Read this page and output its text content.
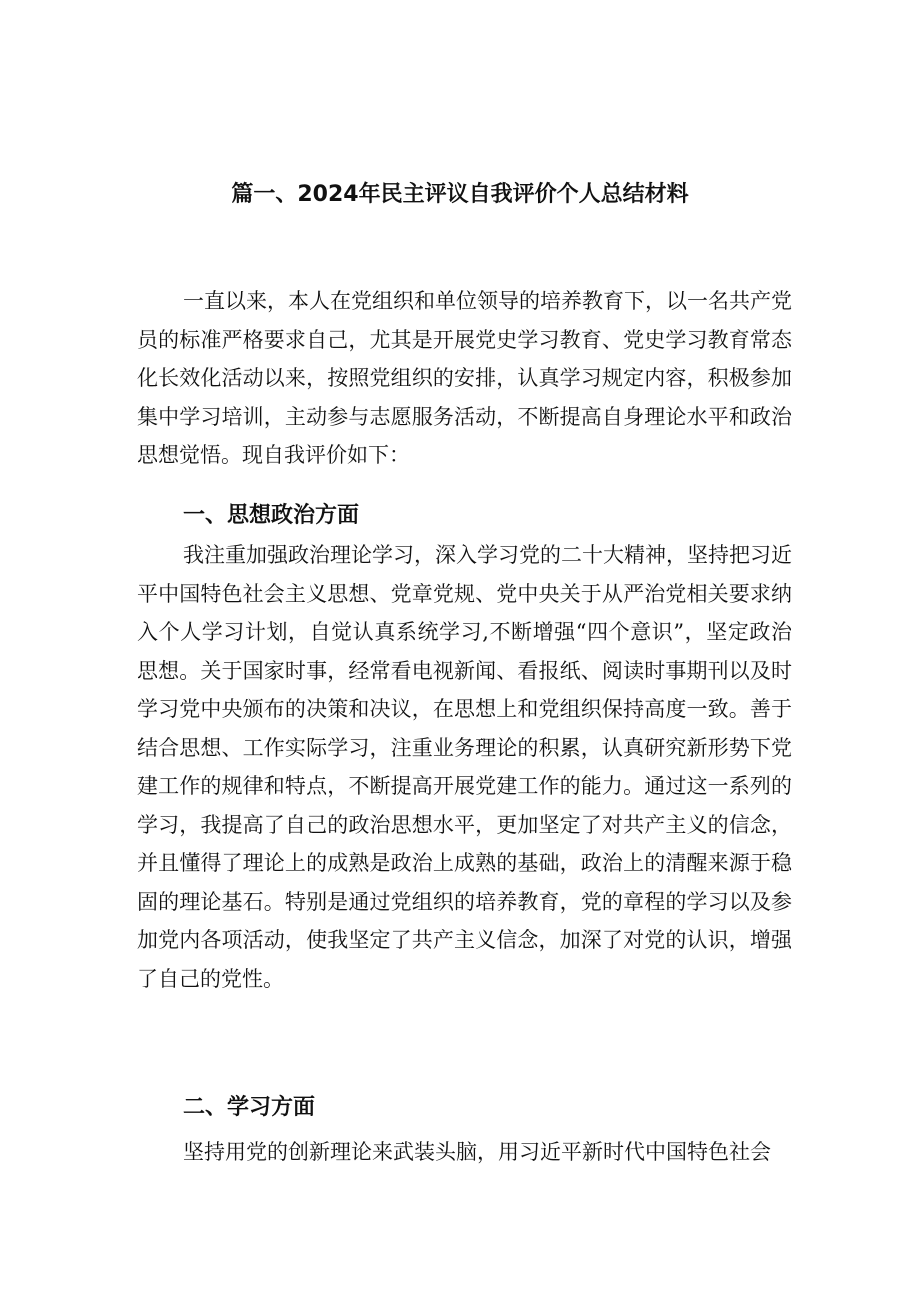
篇一、2024年民主评议自我评价个人总结材料

一直以来，本人在党组织和单位领导的培养教育下，以一名共产党员的标准严格要求自己，尤其是开展党史学习教育、党史学习教育常态化长效化活动以来，按照党组织的安排，认真学习规定内容，积极参加集中学习培训，主动参与志愿服务活动，不断提高自身理论水平和政治思想觉悟。现自我评价如下：

一、思想政治方面

我注重加强政治理论学习，深入学习党的二十大精神，坚持把习近平中国特色社会主义思想、党章党规、党中央关于从严治党相关要求纳入个人学习计划，自觉认真系统学习,不断增强“四个意识”，坚定政治思想。关于国家时事，经常看电视新闻、看报纸、阅读时事期刊以及时学习党中央颁布的决策和决议，在思想上和党组织保持高度一致。善于结合思想、工作实际学习，注重业务理论的积累，认真研究新形势下党建工作的规律和特点，不断提高开展党建工作的能力。通过这一系列的学习，我提高了自己的政治思想水平，更加坚定了对共产主义的信念，并且懂得了理论上的成熟是政治上成熟的基础，政治上的清醒来源于稳固的理论基石。特别是通过党组织的培养教育，党的章程的学习以及参加党内各项活动，使我坚定了共产主义信念，加深了对党的认识，增强了自己的党性。

二、学习方面

坚持用党的创新理论来武装头脑，用习近平新时代中国特色社会
